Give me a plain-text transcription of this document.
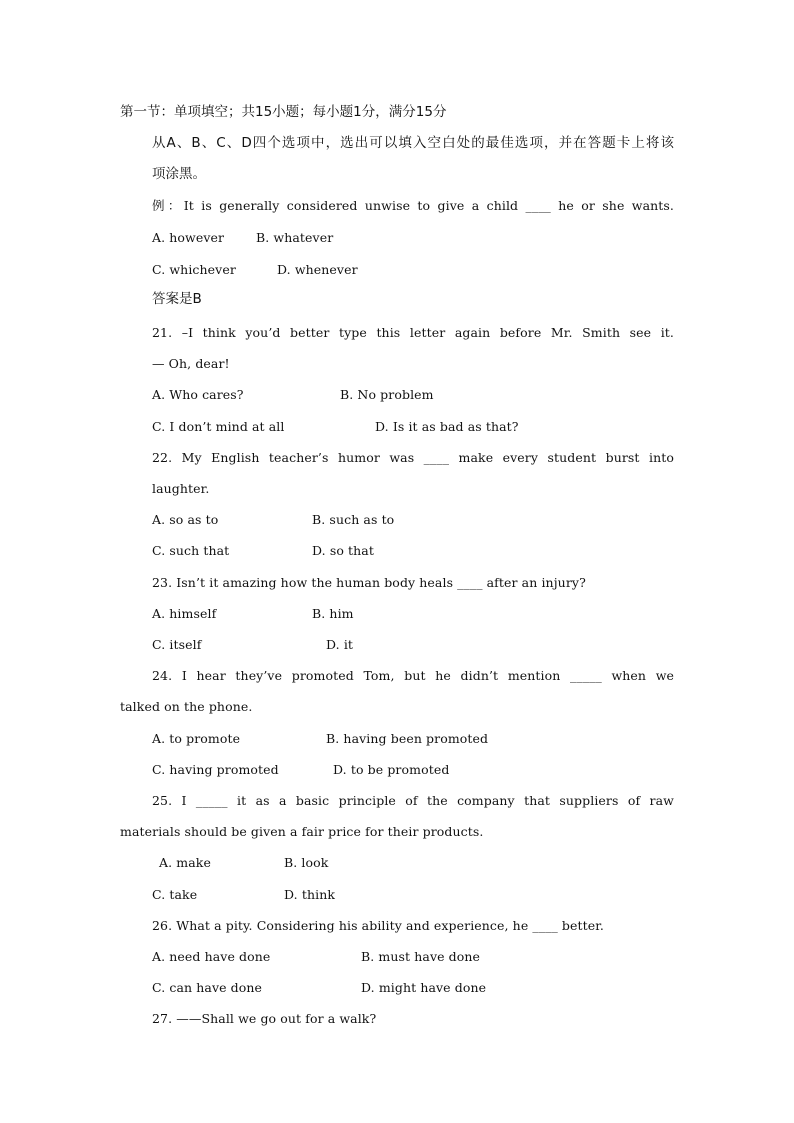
第一节：单项填空；共15小题；每小题1分，满分15分
从A、B、C、D四个选项中，选出可以填入空白处的最佳选项，并在答题卡上将该
项涂黑。
例：It is generally considered unwise to give a child ____ he or she wants.
A. however	B. whatever
C. whichever	D. whenever
答案是B
21. –I think you’d better type this letter again before Mr. Smith see it.
— Oh, dear!
A. Who cares?	B. No problem
C. I don’t mind at all	D. Is it as bad as that?
22. My English teacher’s humor was ____ make every student burst into
laughter.
A. so as to	B. such as to
C. such that	D. so that
23. Isn’t it amazing how the human body heals ____ after an injury?
A. himself	B. him
C. itself	D. it
24. I hear they’ve promoted Tom, but he didn’t mention _____ when we
talked on the phone.
A. to promote	B. having been promoted
C. having promoted	D. to be promoted
25. I _____ it as a basic principle of the company that suppliers of raw
materials should be given a fair price for their products.
A. make	B. look
C. take	D. think
26. What a pity. Considering his ability and experience, he ____ better.
A. need have done	B. must have done
C. can have done	D. might have done
27. ——Shall we go out for a walk?
